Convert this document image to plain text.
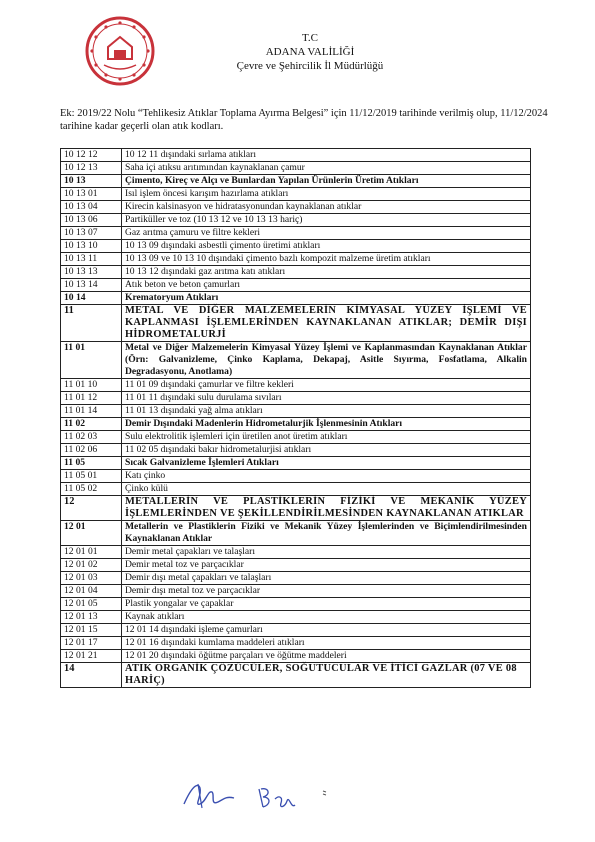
T.C
ADANA VALİLİĞİ
Çevre ve Şehircilik İl Müdürlüğü
Ek: 2019/22 Nolu “Tehlikesiz Atıklar Toplama Ayırma Belgesi” için 11/12/2019 tarihinde verilmiş olup, 11/12/2024 tarihine kadar geçerli olan atık kodları.
10 12 12	10 12 11 dışındaki sırlama atıkları
10 12 13	Saha içi atıksu arıtımından kaynaklanan çamur
10 13	Çimento, Kireç ve Alçı ve Bunlardan Yapılan Ürünlerin Üretim Atıkları
10 13 01	Isıl işlem öncesi karışım hazırlama atıkları
10 13 04	Kirecin kalsinasyon ve hidratasyonundan kaynaklanan atıklar
10 13 06	Partiküller ve toz (10 13 12 ve 10 13 13 hariç)
10 13 07	Gaz arıtma çamuru ve filtre kekleri
10 13 10	10 13 09 dışındaki asbestli çimento üretimi atıkları
10 13 11	10 13 09 ve 10 13 10 dışındaki çimento bazlı kompozit malzeme üretim atıkları
10 13 13	10 13 12 dışındaki gaz arıtma katı atıkları
10 13 14	Atık beton ve beton çamurları
10 14	Krematoryum Atıkları
11	METAL VE DİĞER MALZEMELERİN KİMYASAL YÜZEY İŞLEMİ VE KAPLANMASI İŞLEMLERİNDEN KAYNAKLANAN ATIKLAR; DEMİR DIŞI HİDROMETALURJİ
11 01	Metal ve Diğer Malzemelerin Kimyasal Yüzey İşlemi ve Kaplanmasından Kaynaklanan Atıklar (Örn: Galvanizleme, Çinko Kaplama, Dekapaj, Asitle Sıyırma, Fosfatlama, Alkalin Degradasyonu, Anotlama)
11 01 10	11 01 09 dışındaki çamurlar ve filtre kekleri
11 01 12	11 01 11 dışındaki sulu durulama sıvıları
11 01 14	11 01 13 dışındaki yağ alma atıkları
11 02	Demir Dışındaki Madenlerin Hidrometalurjik İşlenmesinin Atıkları
11 02 03	Sulu elektrolitik işlemleri için üretilen anot üretim atıkları
11 02 06	11 02 05 dışındaki bakır hidrometalurjisi atıkları
11 05	Sıcak Galvanizleme İşlemleri Atıkları
11 05 01	Katı çinko
11 05 02	Çinko külü
12	METALLERİN VE PLASTİKLERİN FİZİKİ VE MEKANİK YÜZEY İŞLEMLERİNDEN VE ŞEKİLLENDİRİLMESİNDEN KAYNAKLANAN ATIKLAR
12 01	Metallerin ve Plastiklerin Fiziki ve Mekanik Yüzey İşlemlerinden ve Biçimlendirilmesinden Kaynaklanan Atıklar
12 01 01	Demir metal çapakları ve talaşları
12 01 02	Demir metal toz ve parçacıklar
12 01 03	Demir dışı metal çapakları ve talaşları
12 01 04	Demir dışı metal toz ve parçacıklar
12 01 05	Plastik yongalar ve çapaklar
12 01 13	Kaynak atıkları
12 01 15	12 01 14 dışındaki işleme çamurları
12 01 17	12 01 16 dışındaki kumlama maddeleri atıkları
12 01 21	12 01 20 dışındaki öğütme parçaları ve öğütme maddeleri
14	ATIK ORGANİK ÇÖZÜCÜLER, SOĞUTUCULAR VE İTİCİ GAZLAR (07 VE 08 HARİÇ)
